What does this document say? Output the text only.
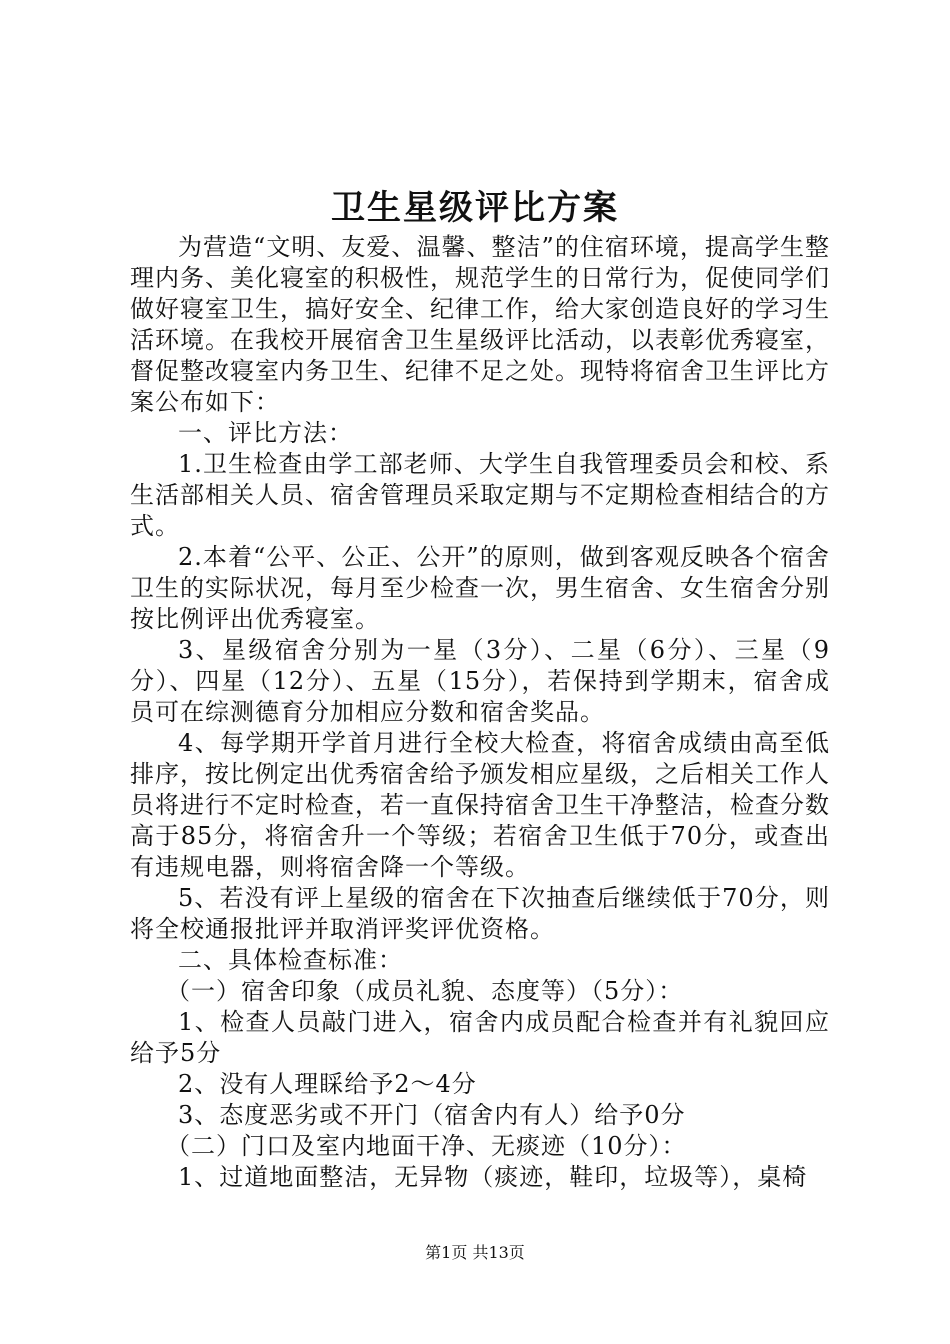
卫生星级评比方案

为营造“文明、友爱、温馨、整洁”的住宿环境，提高学生整理内务、美化寝室的积极性，规范学生的日常行为，促使同学们做好寝室卫生，搞好安全、纪律工作，给大家创造良好的学习生活环境。在我校开展宿舍卫生星级评比活动，以表彰优秀寝室，督促整改寝室内务卫生、纪律不足之处。现特将宿舍卫生评比方案公布如下：

一、评比方法：

1.卫生检查由学工部老师、大学生自我管理委员会和校、系生活部相关人员、宿舍管理员采取定期与不定期检查相结合的方式。

2.本着“公平、公正、公开”的原则，做到客观反映各个宿舍卫生的实际状况，每月至少检查一次，男生宿舍、女生宿舍分别按比例评出优秀寝室。

3、星级宿舍分别为一星（3分）、二星（6分）、三星（9分）、四星（12分）、五星（15分），若保持到学期末，宿舍成员可在综测德育分加相应分数和宿舍奖品。

4、每学期开学首月进行全校大检查，将宿舍成绩由高至低排序，按比例定出优秀宿舍给予颁发相应星级，之后相关工作人员将进行不定时检查，若一直保持宿舍卫生干净整洁，检查分数高于85分，将宿舍升一个等级；若宿舍卫生低于70分，或查出有违规电器，则将宿舍降一个等级。

5、若没有评上星级的宿舍在下次抽查后继续低于70分，则将全校通报批评并取消评奖评优资格。

二、具体检查标准：

（一）宿舍印象（成员礼貌、态度等）（5分）：

1、检查人员敲门进入，宿舍内成员配合检查并有礼貌回应给予5分

2、没有人理睬给予2～4分

3、态度恶劣或不开门（宿舍内有人）给予0分

（二）门口及室内地面干净、无痰迹（10分）：

1、过道地面整洁，无异物（痰迹，鞋印，垃圾等），桌椅

第1页 共13页
